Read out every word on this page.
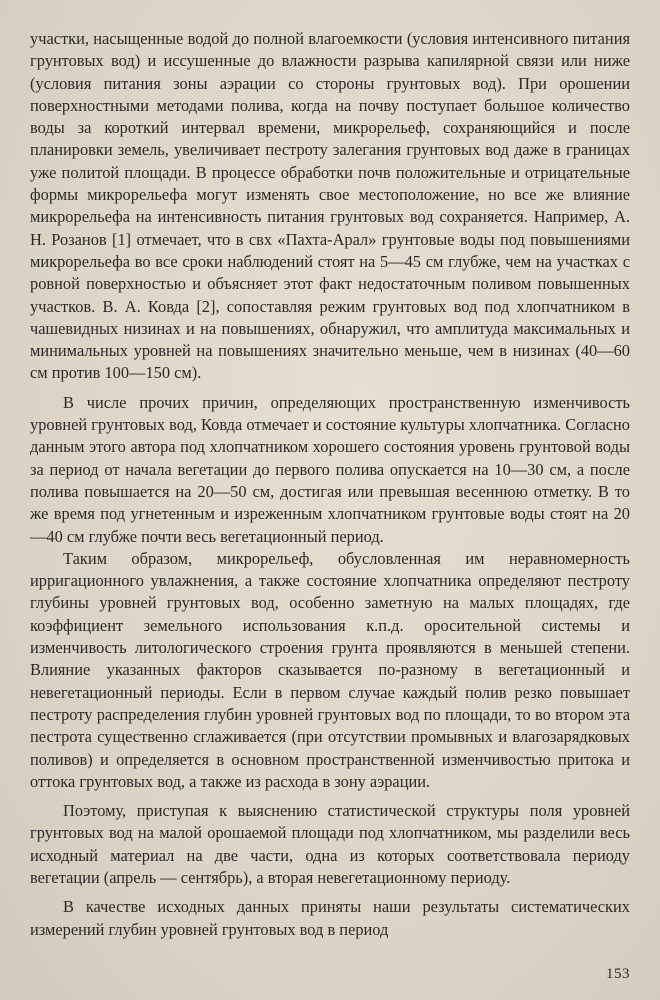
участки, насыщенные водой до полной влагоемкости (условия интенсивного питания грунтовых вод) и иссушенные до влажности разрыва капилярной связи или ниже (условия питания зоны аэрации со стороны грунтовых вод). При орошении поверхностными методами полива, когда на почву поступает большое количество воды за короткий интервал времени, микрорельеф, сохраняющийся и после планировки земель, увеличивает пестроту залегания грунтовых вод даже в границах уже политой площади. В процессе обработки почв положительные и отрицательные формы микрорельефа могут изменять свое местоположение, но все же влияние микрорельефа на интенсивность питания грунтовых вод сохраняется. Например, А. Н. Розанов [1] отмечает, что в свх «Пахта-Арал» грунтовые воды под повышениями микрорельефа во все сроки наблюдений стоят на 5—45 см глубже, чем на участках с ровной поверхностью и объясняет этот факт недостаточным поливом повышенных участков. В. А. Ковда [2], сопоставляя режим грунтовых вод под хлопчатником в чашевидных низинах и на повышениях, обнаружил, что амплитуда максимальных и минимальных уровней на повышениях значительно меньше, чем в низинах (40—60 см против 100—150 см).

В числе прочих причин, определяющих пространственную изменчивость уровней грунтовых вод, Ковда отмечает и состояние культуры хлопчатника. Согласно данным этого автора под хлопчатником хорошего состояния уровень грунтовой воды за период от начала вегетации до первого полива опускается на 10—30 см, а после полива повышается на 20—50 см, достигая или превышая весеннюю отметку. В то же время под угнетенным и изреженным хлопчатником грунтовые воды стоят на 20—40 см глубже почти весь вегетационный период.

Таким образом, микрорельеф, обусловленная им неравномерность ирригационного увлажнения, а также состояние хлопчатника определяют пестроту глубины уровней грунтовых вод, особенно заметную на малых площадях, где коэффициент земельного использования к.п.д. оросительной системы и изменчивость литологического строения грунта проявляются в меньшей степени. Влияние указанных факторов сказывается по-разному в вегетационный и невегетационный периоды. Если в первом случае каждый полив резко повышает пестроту распределения глубин уровней грунтовых вод по площади, то во втором эта пестрота существенно сглаживается (при отсутствии промывных и влагозарядковых поливов) и определяется в основном пространственной изменчивостью притока и оттока грунтовых вод, а также из расхода в зону аэрации.

Поэтому, приступая к выяснению статистической структуры поля уровней грунтовых вод на малой орошаемой площади под хлопчатником, мы разделили весь исходный материал на две части, одна из которых соответствовала периоду вегетации (апрель — сентябрь), а вторая невегетационному периоду.

В качестве исходных данных приняты наши результаты систематических измерений глубин уровней грунтовых вод в период

153
